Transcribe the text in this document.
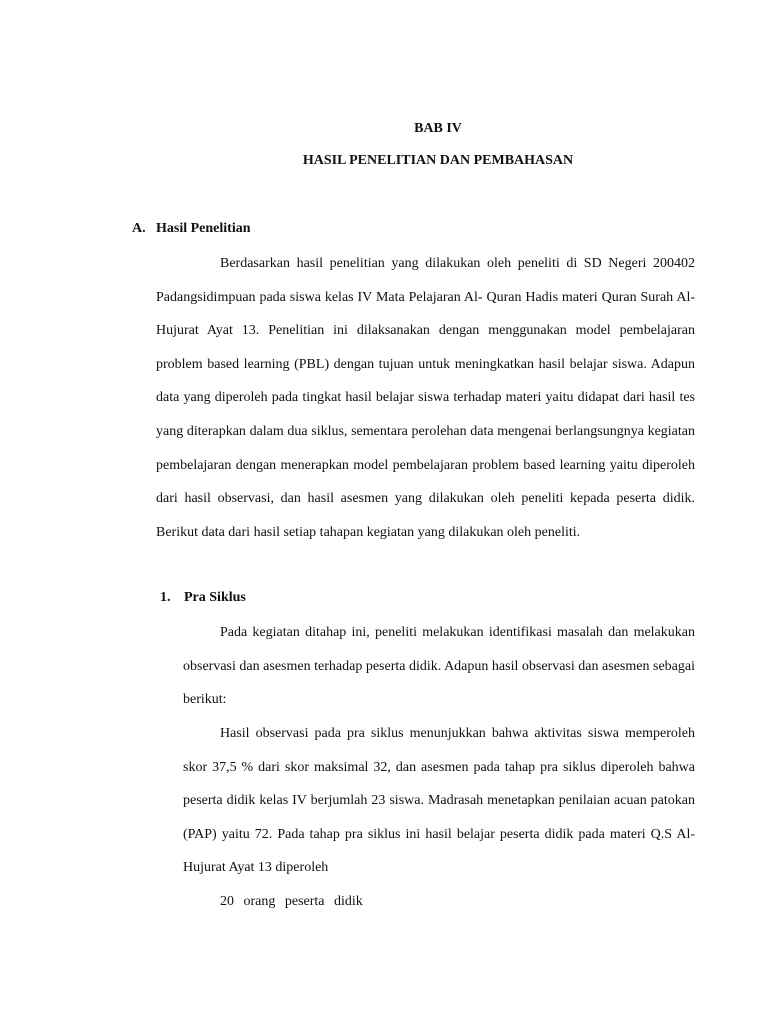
BAB IV
HASIL PENELITIAN DAN PEMBAHASAN
A. Hasil Penelitian

Berdasarkan hasil penelitian yang dilakukan oleh peneliti di SD Negeri 200402 Padangsidimpuan pada siswa kelas IV Mata Pelajaran Al- Quran Hadis materi Quran Surah Al-Hujurat Ayat 13. Penelitian ini dilaksanakan dengan menggunakan model pembelajaran problem based learning (PBL) dengan tujuan untuk meningkatkan hasil belajar siswa. Adapun data yang diperoleh pada tingkat hasil belajar siswa terhadap materi yaitu didapat dari hasil tes yang diterapkan dalam dua siklus, sementara perolehan data mengenai berlangsungnya kegiatan pembelajaran dengan menerapkan model pembelajaran problem based learning yaitu diperoleh dari hasil observasi, dan hasil asesmen yang dilakukan oleh peneliti kepada peserta didik. Berikut data dari hasil setiap tahapan kegiatan yang dilakukan oleh peneliti.

1. Pra Siklus

Pada kegiatan ditahap ini, peneliti melakukan identifikasi masalah dan melakukan observasi dan asesmen terhadap peserta didik. Adapun hasil observasi dan asesmen sebagai berikut:

Hasil observasi pada pra siklus menunjukkan bahwa aktivitas siswa memperoleh skor 37,5 % dari skor maksimal 32, dan asesmen pada tahap pra siklus diperoleh bahwa peserta didik kelas IV berjumlah 23 siswa. Madrasah menetapkan penilaian acuan patokan (PAP) yaitu 72. Pada tahap pra siklus ini hasil belajar peserta didik pada materi Q.S Al-Hujurat Ayat 13 diperoleh
20 orang peserta didik
